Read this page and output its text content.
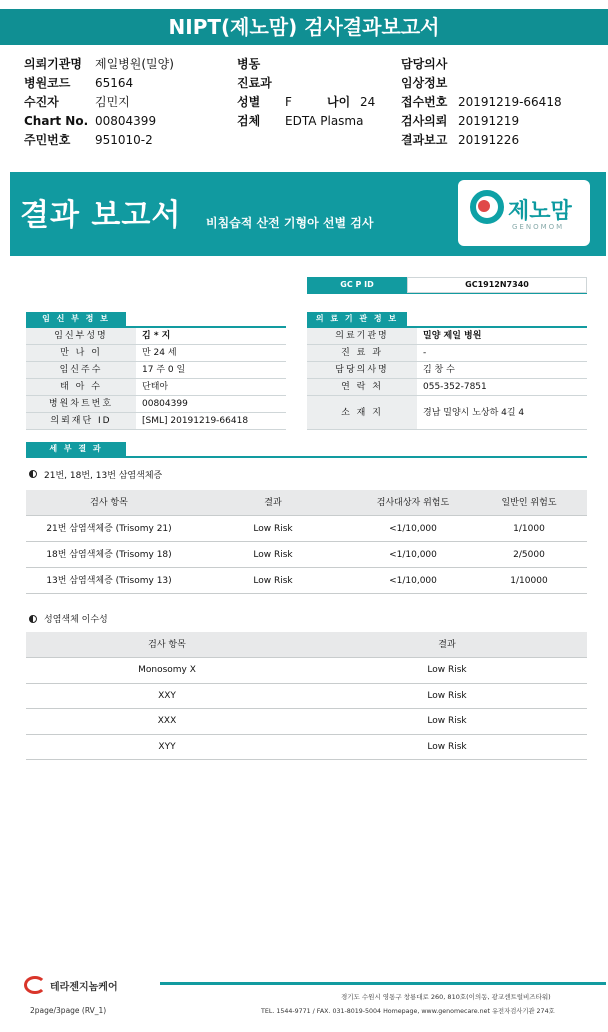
NIPT(제노맘) 검사결과보고서
의뢰기관명 제일병원(밀양)
병원코드 65164
수진자	김민지
Chart No. 00804399
주민번호 951010-2
병동
진료과
성별 F
검체 EDTA Plasma
나이 24
담당의사
임상정보
접수번호 20191219-66418
검사의뢰 20191219
결과보고 20191226
결과 보고서 비침습적 산전 기형아 선별 검사	제노맘
GENOMOM
GC P ID	GC1912N7340
임 신 부 정 보	의 료 기 관 정 보
임신부성명	김 * 지
만 나 이	만 24 세
임신주수	17 주 0 일
태 아 수	단태아
병원차트번호	00804399
의뢰재단 ID	[SML] 20191219-66418
의료기관명	밀양 제일 병원
진 료 과	-
담당의사명	김 창 수
연 락 처	055-352-7851
소 재 지	경남 밀양시 노상하 4길 4
세 부 결 과
21번, 18번, 13번 삼염색체증
검사 항목	결과	검사대상자 위험도	일반인 위험도
21번 삼염색체증 (Trisomy 21)	Low Risk	<1/10,000	1/1000
18번 삼염색체증 (Trisomy 18)	Low Risk	<1/10,000	2/5000
13번 삼염색체증 (Trisomy 13)	Low Risk	<1/10,000	1/10000
성염색체 이수성
검사 항목	결과
Monosomy X	Low Risk
XXY	Low Risk
XXX	Low Risk
XYY	Low Risk
테라젠지놈케어
경기도 수원시 영통구 창룡대로 260, 810호(이의동, 광교센트럴비즈타워)
TEL. 1544-9771 / FAX. 031-8019-5004 Homepage, www.genomecare.net 유전자검사기관 274호
2page/3page (RV_1)
